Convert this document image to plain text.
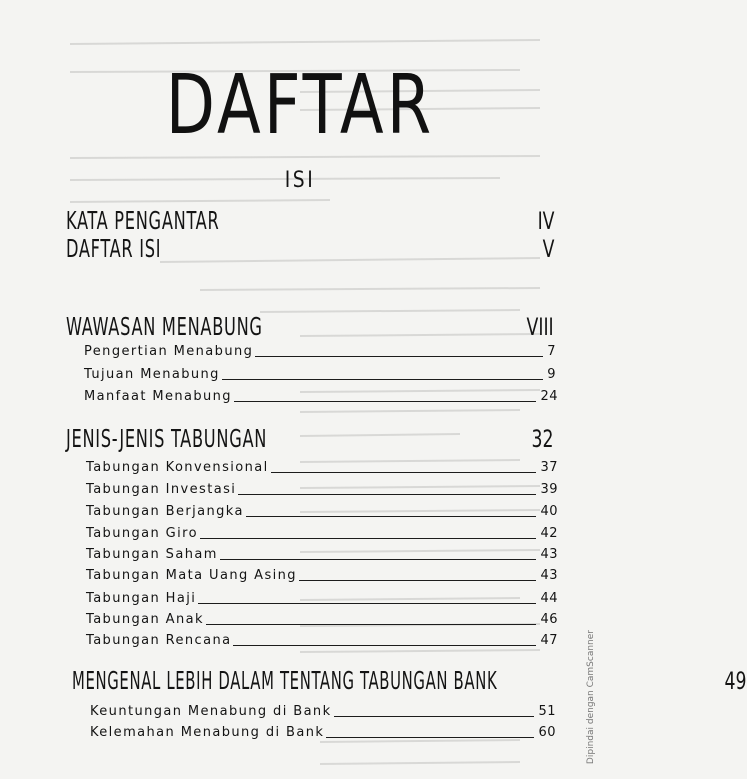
DAFTAR
ISI
KATA PENGANTAR	IV
DAFTAR ISI	V
WAWASAN MENABUNG	VIII
Pengertian Menabung	7
Tujuan Menabung	9
Manfaat Menabung	24
JENIS-JENIS TABUNGAN	32
Tabungan Konvensional	37
Tabungan Investasi	39
Tabungan Berjangka	40
Tabungan Giro	42
Tabungan Saham	43
Tabungan Mata Uang Asing	43
Tabungan Haji	44
Tabungan Anak	46
Tabungan Rencana	47
MENGENAL LEBIH DALAM TENTANG TABUNGAN BANK	49
Keuntungan Menabung di Bank	51
Kelemahan Menabung di Bank	60	Dipindai dengan CamScanner
